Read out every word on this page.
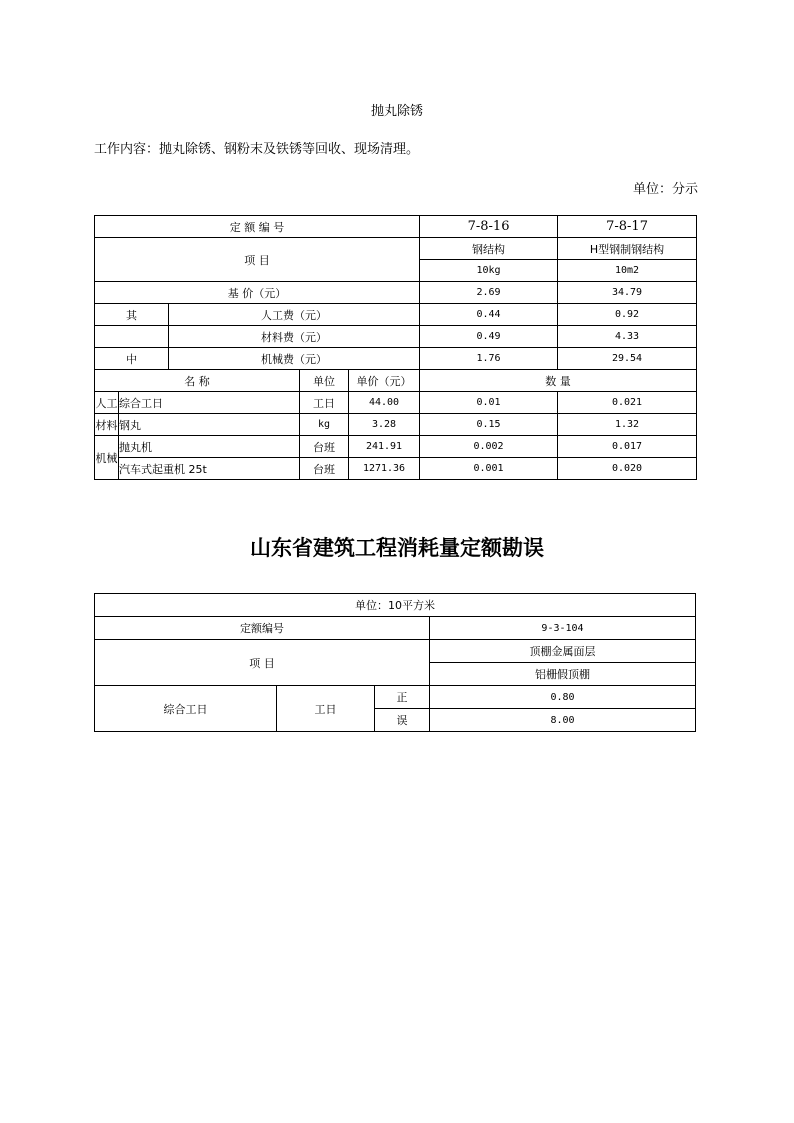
抛丸除锈
工作内容：抛丸除锈、钢粉末及铁锈等回收、现场清理。
单位：分示
定 额 编 号					7-8-16	7-8-17
项 目					钢结构	H型钢制钢结构
					10kg	10m2
基 价（元）					2.69	34.79
其		人工费（元）			0.44	0.92
		材料费（元）			0.49	4.33
中		机械费（元）			1.76	29.54
名 称			单位	单价（元）	数 量	
人工	综合工日		工日	44.00	0.01	0.021
材料	钢丸		kg	3.28	0.15	1.32
机械	抛丸机		台班	241.91	0.002	0.017
	汽车式起重机 25t		台班	1271.36	0.001	0.020
山东省建筑工程消耗量定额勘误
单位：10平方米			
定额编号			9-3-104
项 目			顶棚金属面层
			铝栅假顶棚
综合工日	工日	正	0.80
		误	8.00
